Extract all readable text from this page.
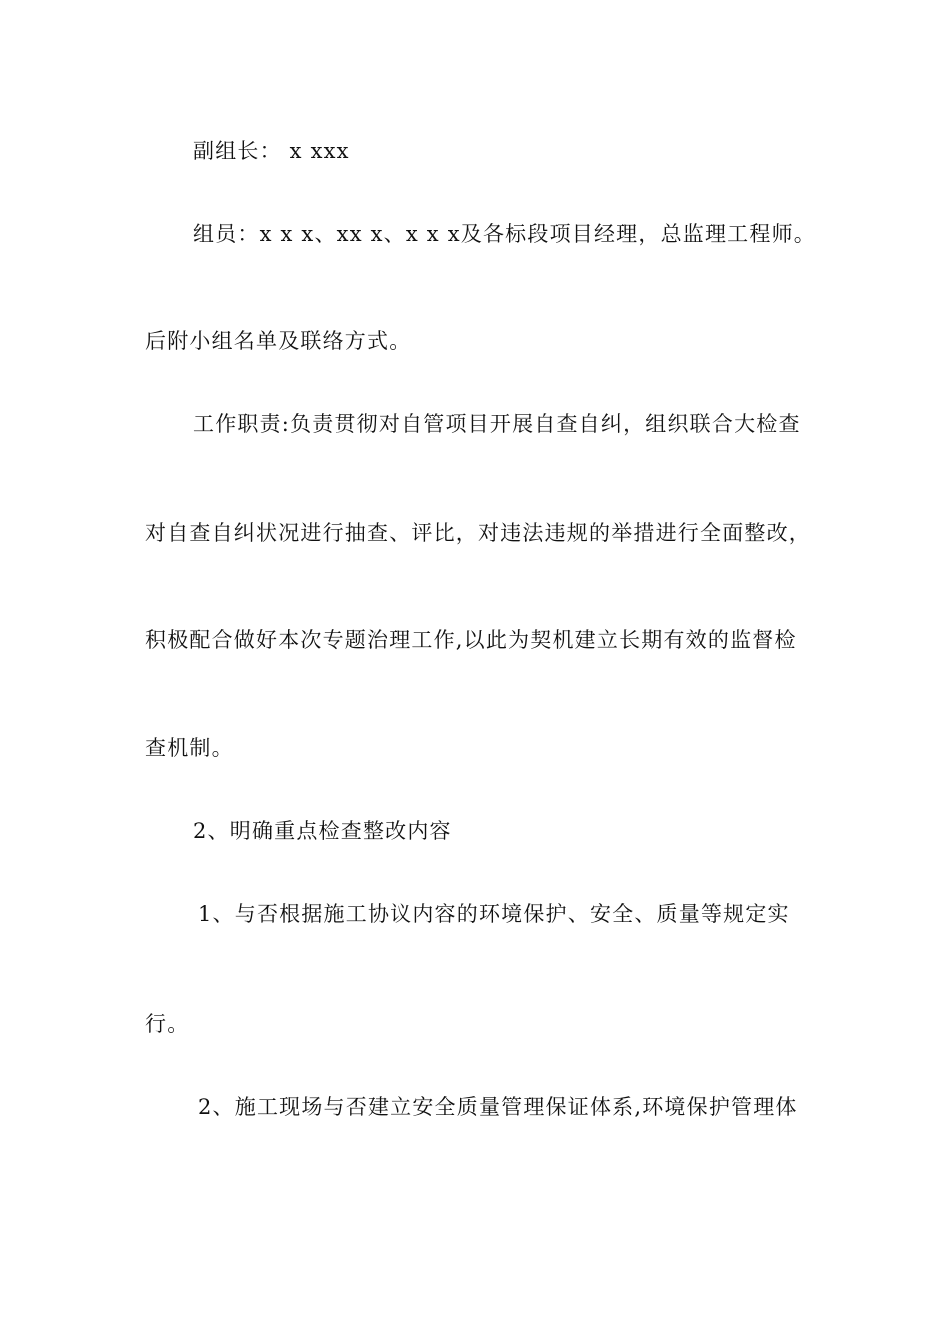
副组长： x xxx
组员：x x x、xx x、x x x及各标段项目经理，总监理工程师。
后附小组名单及联络方式。
工作职责:负责贯彻对自管项目开展自查自纠，组织联合大检查
对自查自纠状况进行抽查、评比，对违法违规的举措进行全面整改，
积极配合做好本次专题治理工作,以此为契机建立长期有效的监督检
查机制。
2、明确重点检查整改内容
1、与否根据施工协议内容的环境保护、安全、质量等规定实
行。
2、施工现场与否建立安全质量管理保证体系,环境保护管理体
